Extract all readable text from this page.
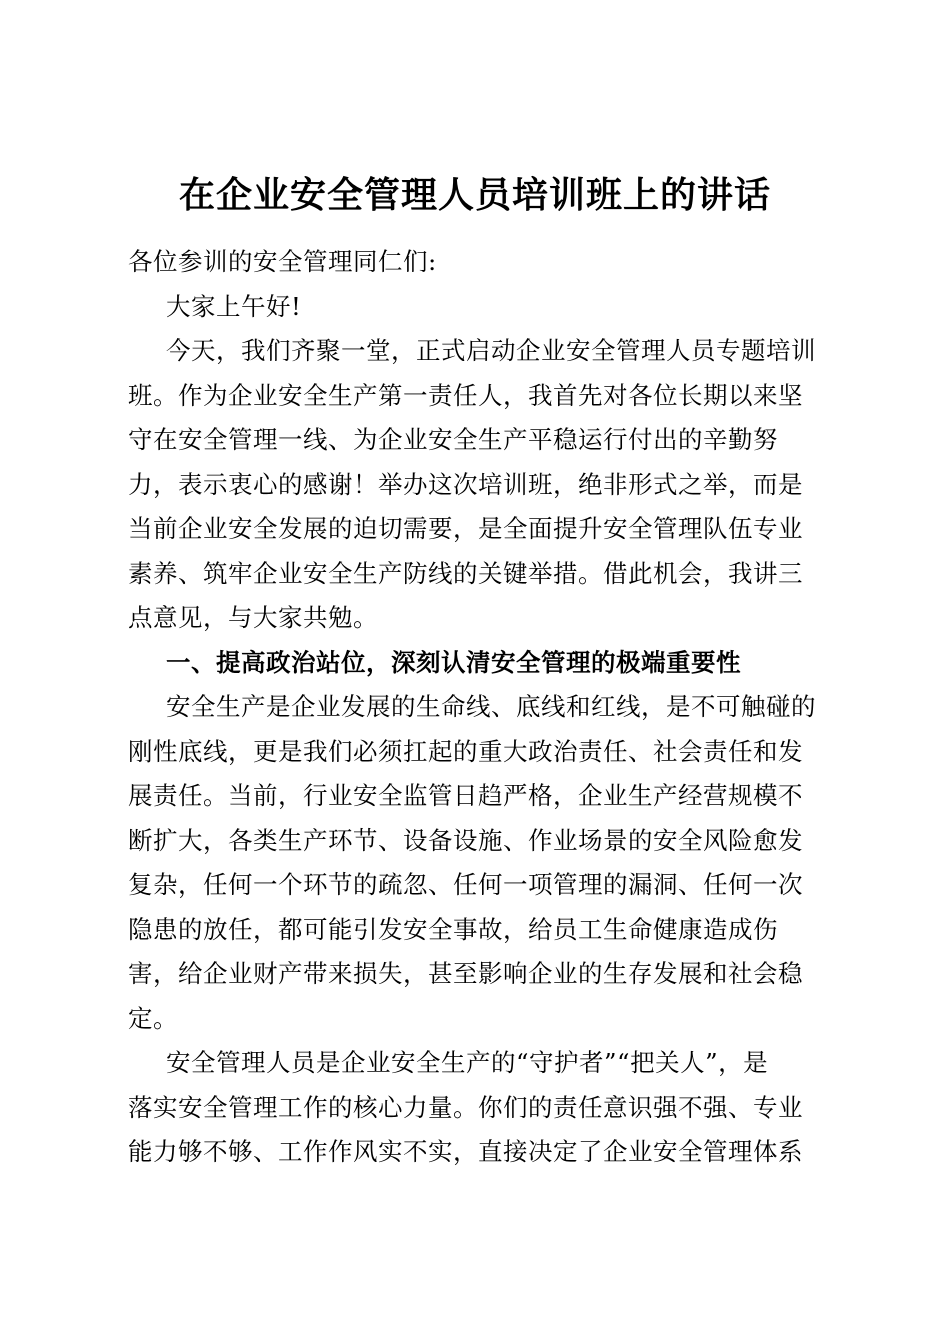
在企业安全管理人员培训班上的讲话
各位参训的安全管理同仁们:
大家上午好!
今天，我们齐聚一堂，正式启动企业安全管理人员专题培训
班。作为企业安全生产第一责任人，我首先对各位长期以来坚
守在安全管理一线、为企业安全生产平稳运行付出的辛勤努
力，表示衷心的感谢！举办这次培训班，绝非形式之举，而是
当前企业安全发展的迫切需要，是全面提升安全管理队伍专业
素养、筑牢企业安全生产防线的关键举措。借此机会，我讲三
点意见，与大家共勉。
一、提高政治站位，深刻认清安全管理的极端重要性
安全生产是企业发展的生命线、底线和红线，是不可触碰的
刚性底线，更是我们必须扛起的重大政治责任、社会责任和发
展责任。当前，行业安全监管日趋严格，企业生产经营规模不
断扩大，各类生产环节、设备设施、作业场景的安全风险愈发
复杂，任何一个环节的疏忽、任何一项管理的漏洞、任何一次
隐患的放任，都可能引发安全事故，给员工生命健康造成伤
害，给企业财产带来损失，甚至影响企业的生存发展和社会稳
定。
安全管理人员是企业安全生产的“守护者”“把关人”，是
落实安全管理工作的核心力量。你们的责任意识强不强、专业
能力够不够、工作作风实不实，直接决定了企业安全管理体系
